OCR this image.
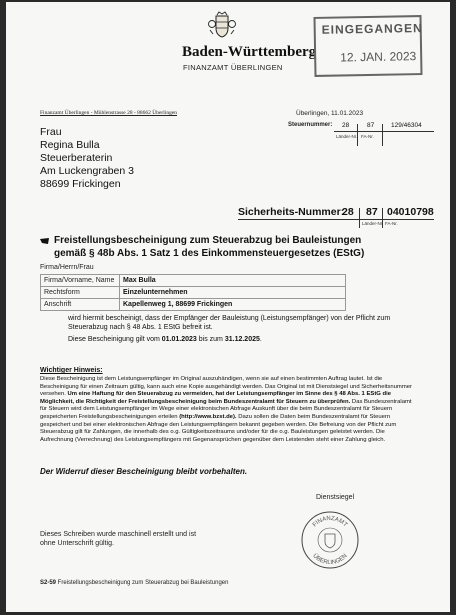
Baden-Württemberg
FINANZAMT ÜBERLINGEN
EINGEGANGEN
12. JAN. 2023
Finanzamt Überlingen - Mühlenstrasse 28 - 88662 Überlingen
Frau
Regina Bulla
Steuerberaterin
Am Luckengraben 3
88699 Frickingen
Überlingen, 11.01.2023
Steuernummer: 28	87	129/46304
Länder-Nr. FA-Nr.
Sicherheits-Nummer:
28 87 04010798
Länder-Nr. FA-Nr.
Freistellungsbescheinigung zum Steuerabzug bei Bauleistungen
gemäß § 48b Abs. 1 Satz 1 des Einkommensteuergesetzes (EStG)
Firma/Herrn/Frau
Firma/Vorname, Name	Max Bulla
Rechtsform	Einzelunternehmen
Anschrift	Kapellenweg 1, 88699 Frickingen
wird hiermit bescheinigt, dass der Empfänger der Bauleistung (Leistungsempfänger) von der Pflicht zum Steuerabzug nach § 48 Abs. 1 EStG befreit ist.
Diese Bescheinigung gilt vom 01.01.2023 bis zum 31.12.2025.
Wichtiger Hinweis:
Diese Bescheinigung ist dem Leistungsempfänger im Original auszuhändigen, wenn sie auf einen bestimmten Auftrag lautet. Ist die Bescheinigung für einen Zeitraum gültig, kann auch eine Kopie ausgehändigt werden. Das Original ist mit Dienstsiegel und Sicherheitsnummer versehen. Um eine Haftung für den Steuerabzug zu vermeiden, hat der Leistungsempfänger im Sinne des § 48 Abs. 1 EStG die Möglichkeit, die Richtigkeit der Freistellungsbescheinigung beim Bundeszentralamt für Steuern zu überprüfen. Das Bundeszentralamt für Steuern wird dem Leistungsempfänger im Wege einer elektronischen Abfrage Auskunft über die beim Bundeszentralamt für Steuern gespeicherten Freistellungsbescheinigungen erteilen (http://www.bzst.de). Dazu sollen die Daten beim Bundeszentralamt für Steuern gespeichert und bei einer elektronischen Abfrage den Leistungsempfängern bekannt gegeben werden. Die Befreiung von der Pflicht zum Steuerabzug gilt für Zahlungen, die innerhalb des o.g. Gültigkeitszeitraums und/oder für die o.g. Bauleistungen geleistet werden. Die Aufrechnung (Verrechnung) des Leistungsempfängers mit Gegenansprüchen gegenüber dem Leistenden steht einer Zahlung gleich.
Der Widerruf dieser Bescheinigung bleibt vorbehalten.
Dienstsiegel
FINANZAMT
ÜBERLINGEN
Dieses Schreiben wurde maschinell erstellt und ist
ohne Unterschrift gültig.
S2-59 Freistellungsbescheinigung zum Steuerabzug bei Bauleistungen
